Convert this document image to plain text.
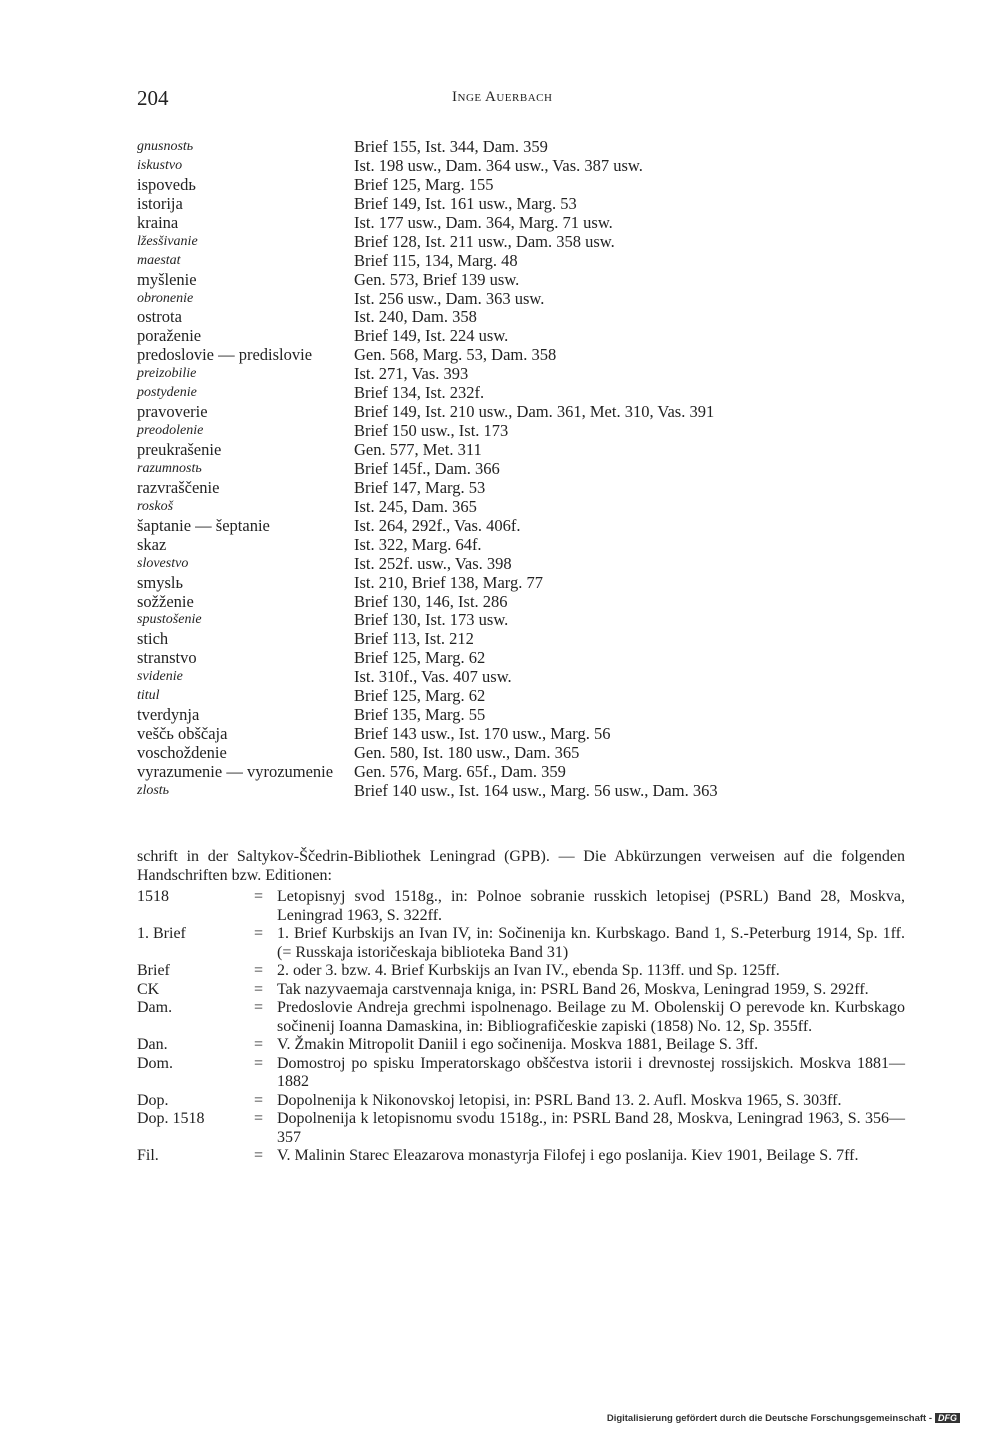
204	Inge Auerbach
gnusnostь	Brief 155, Ist. 344, Dam. 359
iskustvo	Ist. 198 usw., Dam. 364 usw., Vas. 387 usw.
ispovedь	Brief 125, Marg. 155
istorija	Brief 149, Ist. 161 usw., Marg. 53
kraina	Ist. 177 usw., Dam. 364, Marg. 71 usw.
lžesšivanie	Brief 128, Ist. 211 usw., Dam. 358 usw.
maestat	Brief 115, 134, Marg. 48
myšlenie	Gen. 573, Brief 139 usw.
obronenie	Ist. 256 usw., Dam. 363 usw.
ostrota	Ist. 240, Dam. 358
poraženie	Brief 149, Ist. 224 usw.
predoslovie — predislovie	Gen. 568, Marg. 53, Dam. 358
preizobilie	Ist. 271, Vas. 393
postydenie	Brief 134, Ist. 232f.
pravoverie	Brief 149, Ist. 210 usw., Dam. 361, Met. 310, Vas. 391
preodolenie	Brief 150 usw., Ist. 173
preukrašenie	Gen. 577, Met. 311
razumnostь	Brief 145f., Dam. 366
razvraščenie	Brief 147, Marg. 53
roskoš	Ist. 245, Dam. 365
šaptanie — šeptanie	Ist. 264, 292f., Vas. 406f.
skaz	Ist. 322, Marg. 64f.
slovestvo	Ist. 252f. usw., Vas. 398
smyslь	Ist. 210, Brief 138, Marg. 77
sožženie	Brief 130, 146, Ist. 286
spustošenie	Brief 130, Ist. 173 usw.
stich	Brief 113, Ist. 212
stranstvo	Brief 125, Marg. 62
svidenie	Ist. 310f., Vas. 407 usw.
titul	Brief 125, Marg. 62
tverdynja	Brief 135, Marg. 55
veščь obščaja	Brief 143 usw., Ist. 170 usw., Marg. 56
voschoždenie	Gen. 580, Ist. 180 usw., Dam. 365
vyrazumenie — vyrozumenie Gen. 576, Marg. 65f., Dam. 359
zlostь	Brief 140 usw., Ist. 164 usw., Marg. 56 usw., Dam. 363
schrift in der Saltykov-Ščedrin-Bibliothek Leningrad (GPB). — Die Abkürzungen verweisen auf die folgenden Handschriften bzw. Editionen:
1518	= Letopisnyj svod 1518g., in: Polnoe sobranie russkich letopisej (PSRL) Band 28, Moskva, Leningrad 1963, S. 322ff.
1. Brief	= 1. Brief Kurbskijs an Ivan IV, in: Sočinenija kn. Kurbskago. Band 1, S.-Peterburg 1914, Sp. 1ff. (= Russkaja istoričeskaja biblioteka Band 31)
Brief	= 2. oder 3. bzw. 4. Brief Kurbskijs an Ivan IV., ebenda Sp. 113ff. und Sp. 125ff.
CK	= Tak nazyvaemaja carstvennaja kniga, in: PSRL Band 26, Moskva, Leningrad 1959, S. 292ff.
Dam.	= Predoslovie Andreja grechmi ispolnenago. Beilage zu M. Obolenskij O perevode kn. Kurbskago sočinenij Ioanna Damaskina, in: Bibliografičeskie zapiski (1858) No. 12, Sp. 355ff.
Dan.	= V. Žmakin Mitropolit Daniil i ego sočinenija. Moskva 1881, Beilage S. 3ff.
Dom.	= Domostroj po spisku Imperatorskago obščestva istorii i drevnostej rossijskich. Moskva 1881—1882
Dop.	= Dopolnenija k Nikonovskoj letopisi, in: PSRL Band 13. 2. Aufl. Moskva 1965, S. 303ff.
Dop. 1518	= Dopolnenija k letopisnomu svodu 1518g., in: PSRL Band 28, Moskva, Leningrad 1963, S. 356—357
Fil.	= V. Malinin Starec Eleazarova monastyrja Filofej i ego poslanija. Kiev 1901, Beilage S. 7ff.
Digitalisierung gefördert durch die Deutsche Forschungsgemeinschaft - DFG
